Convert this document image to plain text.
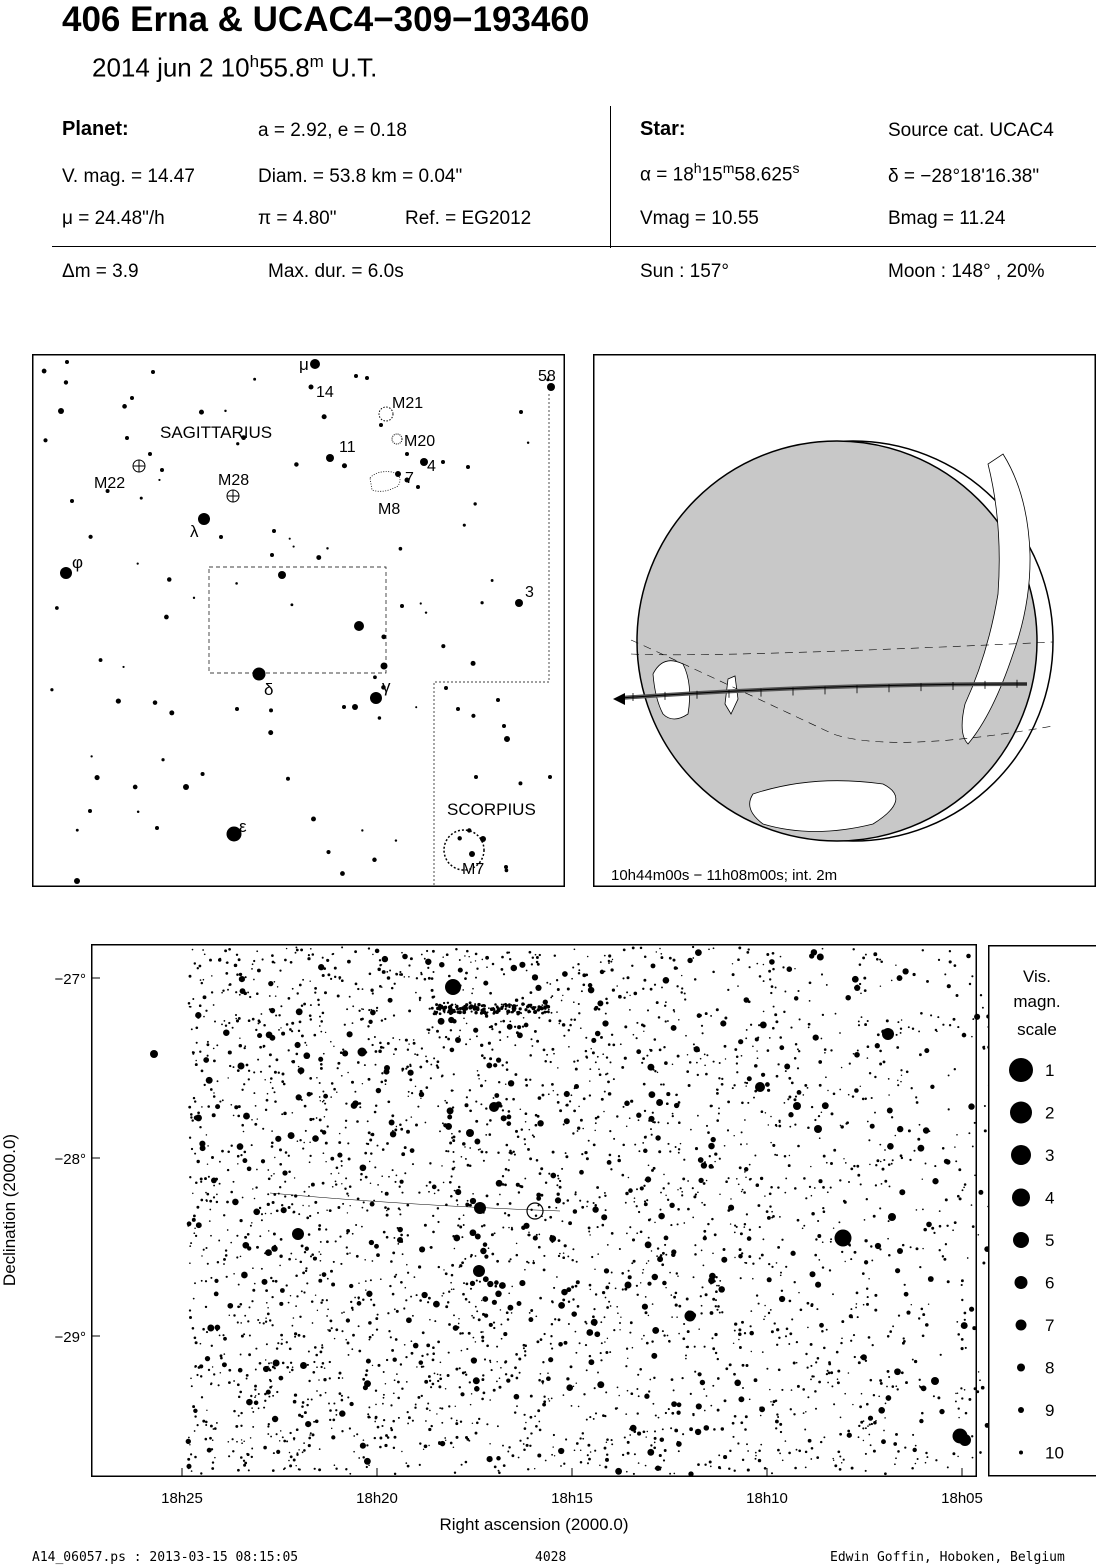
406 Erna & UCAC4−309−193460
2014 jun 2 10$^h$55.8$^m$ U.T.
Planet:	a = 2.92, e = 0.18
V. mag. = 14.47	Diam. = 53.8 km = 0.04"
μ = 24.48"/h	π = 4.80"	Ref. = EG2012
Star:	Source cat. UCAC4
$\alpha = 18^h15^m58.625^s$	δ = −28°18'16.38"
Vmag = 10.55	Bmag = 11.24
Δm = 3.9	Max. dur. = 6.0s	Sun : 157°	Moon : 148° , 20%
SAGITTARIUS
SCORPIUS
M21
M20
M8
M22	M28
M7
μ
14
58
11
7
4
3
λ
φ
δ	γ
ε
10h44m00s − 11h08m00s; int. 2m
18h25	18h20	18h15	18h10	18h05
−27°
−28°
−29°
Right ascension (2000.0)
Declination (2000.0)
Vis.
magn.
scale
1
2
3
4
5
6
7
8
9
10
A14_06057.ps : 2013-03-15 08:15:05	4028	Edwin Goffin, Hoboken, Belgium
